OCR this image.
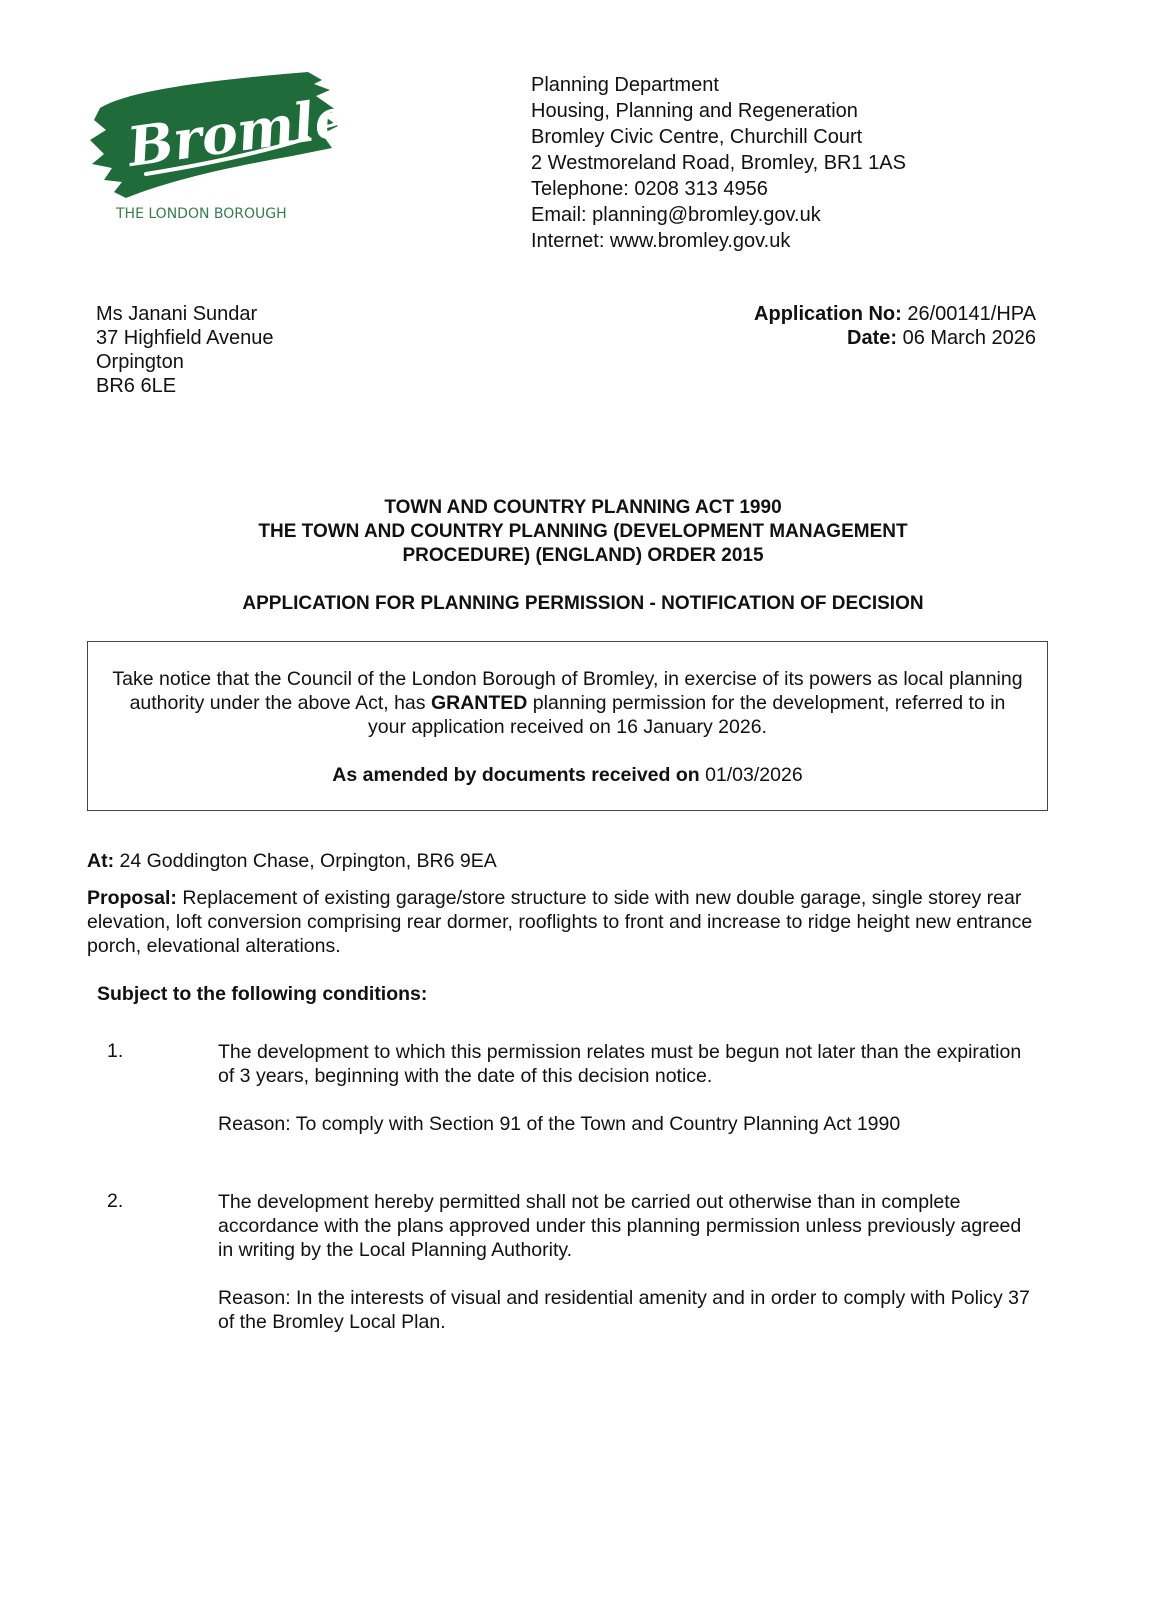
Bromley
THE LONDON BOROUGH
Planning Department
Housing, Planning and Regeneration
Bromley Civic Centre, Churchill Court
2 Westmoreland Road, Bromley, BR1 1AS
Telephone: 0208 313 4956
Email: planning@bromley.gov.uk
Internet: www.bromley.gov.uk
Ms Janani Sundar
37 Highfield Avenue
Orpington
BR6 6LE
Application No: 26/00141/HPA
Date: 06 March 2026
TOWN AND COUNTRY PLANNING ACT 1990
THE TOWN AND COUNTRY PLANNING (DEVELOPMENT MANAGEMENT
PROCEDURE) (ENGLAND) ORDER 2015
APPLICATION FOR PLANNING PERMISSION - NOTIFICATION OF DECISION
Take notice that the Council of the London Borough of Bromley, in exercise of its powers as local planning authority under the above Act, has GRANTED planning permission for the development, referred to in your application received on 16 January 2026.
As amended by documents received on 01/03/2026
At: 24 Goddington Chase, Orpington, BR6 9EA
Proposal: Replacement of existing garage/store structure to side with new double garage, single storey rear elevation, loft conversion comprising rear dormer, rooflights to front and increase to ridge height new entrance porch, elevational alterations.
Subject to the following conditions:
1.	The development to which this permission relates must be begun not later than the expiration of 3 years, beginning with the date of this decision notice.
Reason: To comply with Section 91 of the Town and Country Planning Act 1990
2.	The development hereby permitted shall not be carried out otherwise than in complete accordance with the plans approved under this planning permission unless previously agreed in writing by the Local Planning Authority.
Reason: In the interests of visual and residential amenity and in order to comply with Policy 37 of the Bromley Local Plan.
